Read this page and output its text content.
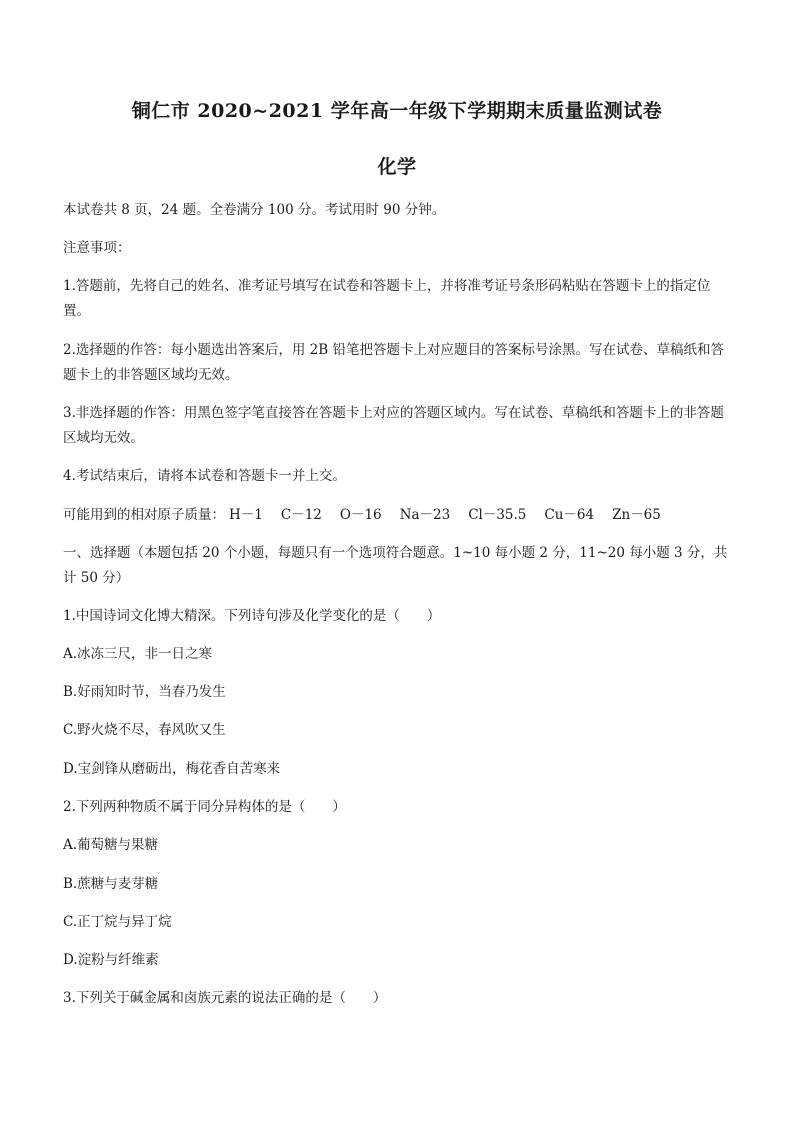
铜仁市 2020~2021 学年高一年级下学期期末质量监测试卷
化学
本试卷共 8 页，24 题。全卷满分 100 分。考试用时 90 分钟。
注意事项：
1.答题前，先将自己的姓名、准考证号填写在试卷和答题卡上，并将准考证号条形码粘贴在答题卡上的指定位置。
2.选择题的作答：每小题选出答案后，用 2B 铅笔把答题卡上对应题目的答案标号涂黑。写在试卷、草稿纸和答题卡上的非答题区域均无效。
3.非选择题的作答：用黑色签字笔直接答在答题卡上对应的答题区域内。写在试卷、草稿纸和答题卡上的非答题区域均无效。
4.考试结束后，请将本试卷和答题卡一并上交。
可能用到的相对原子质量： H－1 C－12 O－16 Na－23 Cl－35.5 Cu－64 Zn－65
一、选择题（本题包括 20 个小题，每题只有一个选项符合题意。1~10 每小题 2 分，11~20 每小题 3 分，共计 50 分）
1.中国诗词文化博大精深。下列诗句涉及化学变化的是（　　）
A.冰冻三尺，非一日之寒
B.好雨知时节，当春乃发生
C.野火烧不尽，春风吹又生
D.宝剑锋从磨砺出，梅花香自苦寒来
2.下列两种物质不属于同分异构体的是（　　）
A.葡萄糖与果糖
B.蔗糖与麦芽糖
C.正丁烷与异丁烷
D.淀粉与纤维素
3.下列关于碱金属和卤族元素的说法正确的是（　　）
